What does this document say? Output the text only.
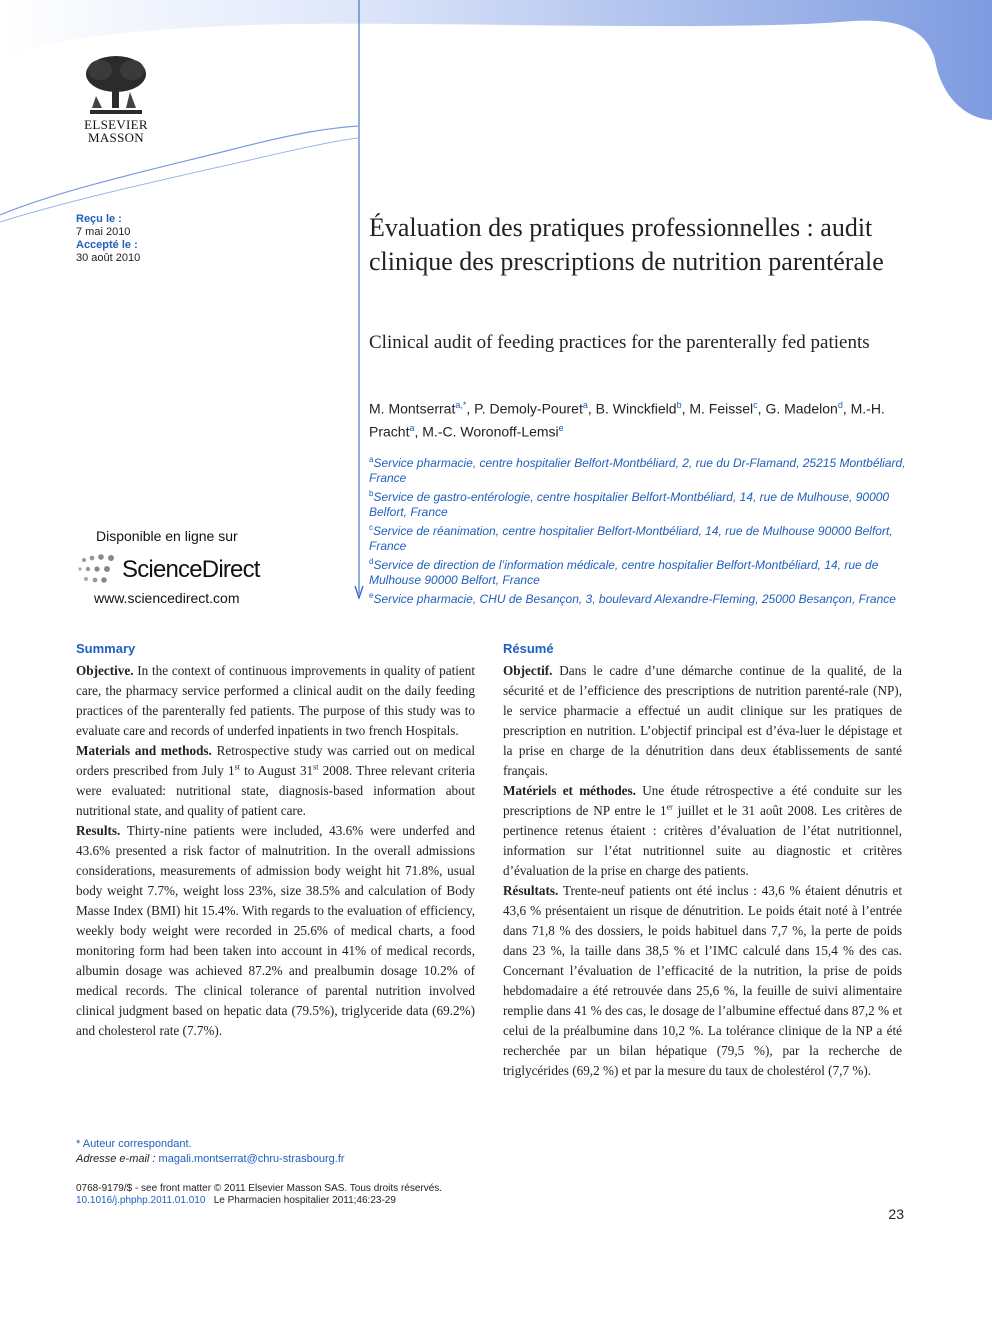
Note de pharmacie pratique
ELSEVIER
MASSON
Reçu le :
7 mai 2010
Accepté le :
30 août 2010
Évaluation des pratiques professionnelles : audit clinique des prescriptions de nutrition parentérale
Clinical audit of feeding practices for the parenterally fed patients
M. Montserrat$^{a,*}$, P. Demoly-Pouret$^a$, B. Winckfield$^b$, M. Feissel$^c$, G. Madelon$^d$, M.-H. Pracht$^a$, M.-C. Woronoff-Lemsi$^e$
$^a$Service pharmacie, centre hospitalier Belfort-Montbéliard, 2, rue du Dr-Flamand, 25215 Montbéliard, France
$^b$Service de gastro-entérologie, centre hospitalier Belfort-Montbéliard, 14, rue de Mulhouse, 90000 Belfort, France
$^c$Service de réanimation, centre hospitalier Belfort-Montbéliard, 14, rue de Mulhouse 90000 Belfort, France
$^d$Service de direction de l’information médicale, centre hospitalier Belfort-Montbéliard, 14, rue de Mulhouse 90000 Belfort, France
$^e$Service pharmacie, CHU de Besançon, 3, boulevard Alexandre-Fleming, 25000 Besançon, France
Disponible en ligne sur
ScienceDirect
www.sciencedirect.com
Summary

Objective. In the context of continuous improvements in quality of patient care, the pharmacy service performed a clinical audit on the daily feeding practices of the parenterally fed patients. The purpose of this study was to evaluate care and records of underfed inpatients in two french Hospitals.

Materials and methods. Retrospective study was carried out on medical orders prescribed from July 1st to August 31st 2008. Three relevant criteria were evaluated: nutritional state, diagnosis-based information about nutritional state, and quality of patient care.

Results. Thirty-nine patients were included, 43.6% were underfed and 43.6% presented a risk factor of malnutrition. In the overall admissions considerations, measurements of admission body weight hit 71.8%, usual body weight 7.7%, weight loss 23%, size 38.5% and calculation of Body Masse Index (BMI) hit 15.4%. With regards to the evaluation of efficiency, weekly body weight were recorded in 25.6% of medical charts, a food monitoring form had been taken into account in 41% of medical records, albumin dosage was achieved 87.2% and prealbumin dosage 10.2% of medical records. The clinical tolerance of parental nutrition involved clinical judgment based on hepatic data (79.5%), triglyceride data (69.2%) and cholesterol rate (7.7%).

Résumé

Objectif. Dans le cadre d’une démarche continue de la qualité, de la sécurité et de l’efficience des prescriptions de nutrition parenté-rale (NP), le service pharmacie a effectué un audit clinique sur les pratiques de prescription en nutrition. L’objectif principal est d’éva-luer le dépistage et la prise en charge de la dénutrition dans deux établissements de santé français.

Matériels et méthodes. Une étude rétrospective a été conduite sur les prescriptions de NP entre le 1er juillet et le 31 août 2008. Les critères de pertinence retenus étaient : critères d’évaluation de l’état nutritionnel, information sur l’état nutritionnel suite au diagnostic et critères d’évaluation de la prise en charge des patients.

Résultats. Trente-neuf patients ont été inclus : 43,6 % étaient dénutris et 43,6 % présentaient un risque de dénutrition. Le poids était noté à l’entrée dans 71,8 % des dossiers, le poids habituel dans 7,7 %, la perte de poids dans 23 %, la taille dans 38,5 % et l’IMC calculé dans 15,4 % des cas. Concernant l’évaluation de l’efficacité de la nutrition, la prise de poids hebdomadaire a été retrouvée dans 25,6 %, la feuille de suivi alimentaire remplie dans 41 % des cas, le dosage de l’albumine effectué dans 87,2 % et celui de la préalbumine dans 10,2 %. La tolérance clinique de la NP a été recherchée par un bilan hépatique (79,5 %), par la recherche de triglycérides (69,2 %) et par la mesure du taux de cholestérol (7,7 %).

* Auteur correspondant.
Adresse e-mail : magali.montserrat@chru-strasbourg.fr
0768-9179/$ - see front matter © 2011 Elsevier Masson SAS. Tous droits réservés.
10.1016/j.phphp.2011.01.010 Le Pharmacien hospitalier 2011;46:23-29
23
